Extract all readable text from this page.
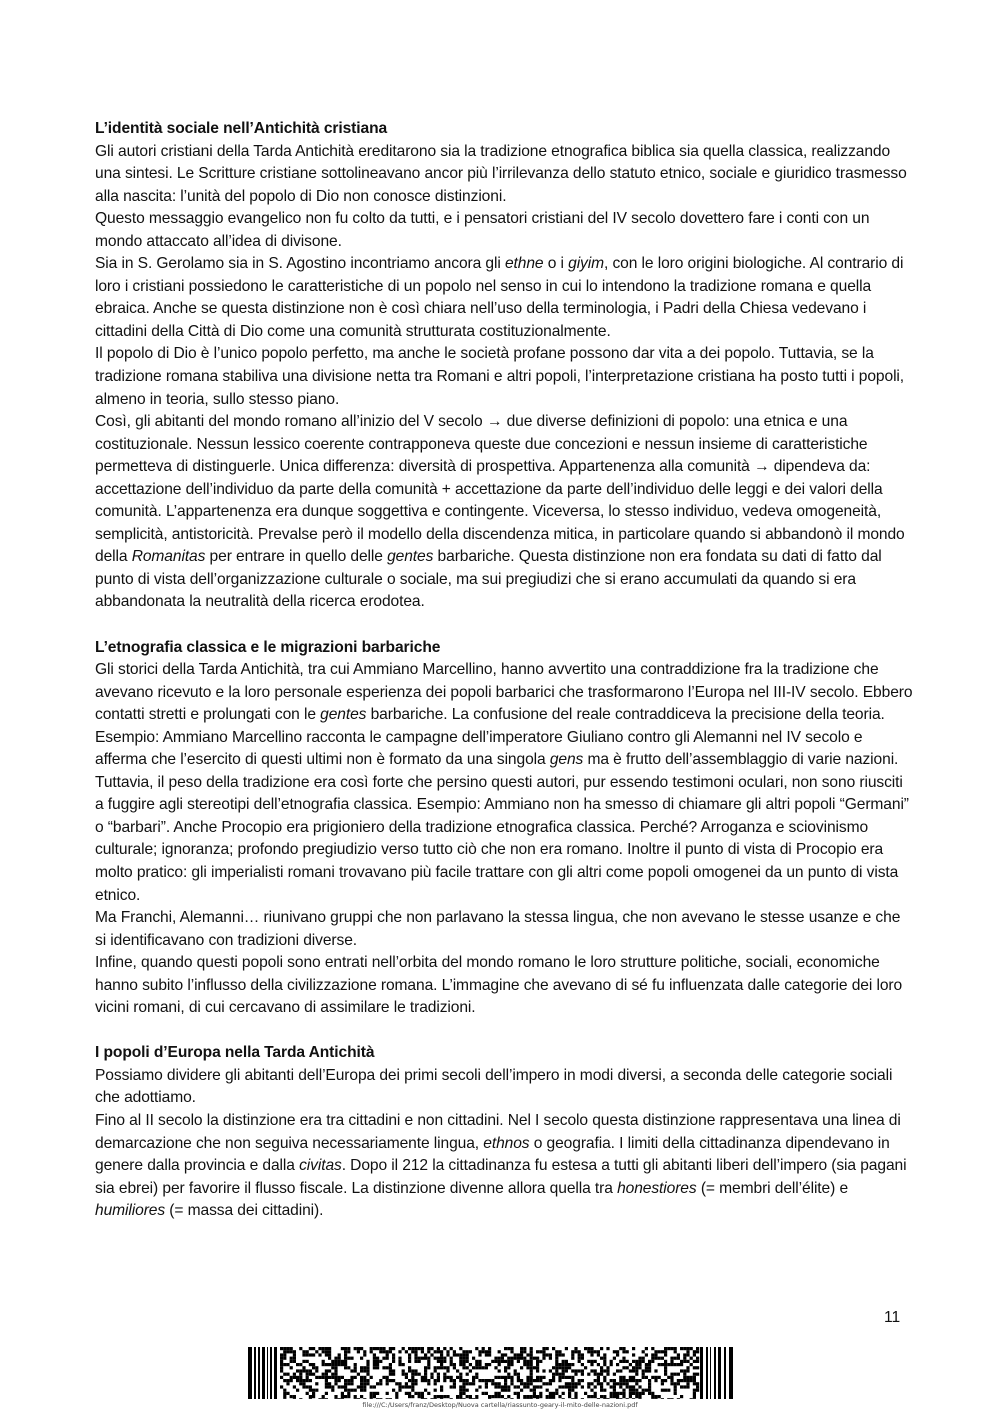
L’identità sociale nell’Antichità cristiana

Gli autori cristiani della Tarda Antichità ereditarono sia la tradizione etnografica biblica sia quella classica, realizzando una sintesi. Le Scritture cristiane sottolineavano ancor più l’irrilevanza dello statuto etnico, sociale e giuridico trasmesso alla nascita: l’unità del popolo di Dio non conosce distinzioni.

Questo messaggio evangelico non fu colto da tutti, e i pensatori cristiani del IV secolo dovettero fare i conti con un mondo attaccato all’idea di divisone.

Sia in S. Gerolamo sia in S. Agostino incontriamo ancora gli ethne o i giyim, con le loro origini biologiche. Al contrario di loro i cristiani possiedono le caratteristiche di un popolo nel senso in cui lo intendono la tradizione romana e quella ebraica. Anche se questa distinzione non è così chiara nell’uso della terminologia, i Padri della Chiesa vedevano i cittadini della Città di Dio come una comunità strutturata costituzionalmente.

Il popolo di Dio è l’unico popolo perfetto, ma anche le società profane possono dar vita a dei popolo. Tuttavia, se la tradizione romana stabiliva una divisione netta tra Romani e altri popoli, l’interpretazione cristiana ha posto tutti i popoli, almeno in teoria, sullo stesso piano.

Così, gli abitanti del mondo romano all’inizio del V secolo → due diverse definizioni di popolo: una etnica e una costituzionale. Nessun lessico coerente contrapponeva queste due concezioni e nessun insieme di caratteristiche permetteva di distinguerle. Unica differenza: diversità di prospettiva. Appartenenza alla comunità → dipendeva da: accettazione dell’individuo da parte della comunità + accettazione da parte dell’individuo delle leggi e dei valori della comunità. L’appartenenza era dunque soggettiva e contingente. Viceversa, lo stesso individuo, vedeva omogeneità, semplicità, antistoricità. Prevalse però il modello della discendenza mitica, in particolare quando si abbandonò il mondo della Romanitas per entrare in quello delle gentes barbariche. Questa distinzione non era fondata su dati di fatto dal punto di vista dell’organizzazione culturale o sociale, ma sui pregiudizi che si erano accumulati da quando si era abbandonata la neutralità della ricerca erodotea.

L’etnografia classica e le migrazioni barbariche

Gli storici della Tarda Antichità, tra cui Ammiano Marcellino, hanno avvertito una contraddizione fra la tradizione che avevano ricevuto e la loro personale esperienza dei popoli barbarici che trasformarono l’Europa nel III-IV secolo. Ebbero contatti stretti e prolungati con le gentes barbariche. La confusione del reale contraddiceva la precisione della teoria. Esempio: Ammiano Marcellino racconta le campagne dell’imperatore Giuliano contro gli Alemanni nel IV secolo e afferma che l’esercito di questi ultimi non è formato da una singola gens ma è frutto dell’assemblaggio di varie nazioni.

Tuttavia, il peso della tradizione era così forte che persino questi autori, pur essendo testimoni oculari, non sono riusciti a fuggire agli stereotipi dell’etnografia classica. Esempio: Ammiano non ha smesso di chiamare gli altri popoli “Germani” o “barbari”. Anche Procopio era prigioniero della tradizione etnografica classica. Perché? Arroganza e sciovinismo culturale; ignoranza; profondo pregiudizio verso tutto ciò che non era romano. Inoltre il punto di vista di Procopio era molto pratico: gli imperialisti romani trovavano più facile trattare con gli altri come popoli omogenei da un punto di vista etnico.

Ma Franchi, Alemanni… riunivano gruppi che non parlavano la stessa lingua, che non avevano le stesse usanze e che si identificavano con tradizioni diverse.

Infine, quando questi popoli sono entrati nell’orbita del mondo romano le loro strutture politiche, sociali, economiche hanno subito l’influsso della civilizzazione romana. L’immagine che avevano di sé fu influenzata dalle categorie dei loro vicini romani, di cui cercavano di assimilare le tradizioni.

I popoli d’Europa nella Tarda Antichità

Possiamo dividere gli abitanti dell’Europa dei primi secoli dell’impero in modi diversi, a seconda delle categorie sociali che adottiamo.

Fino al II secolo la distinzione era tra cittadini e non cittadini. Nel I secolo questa distinzione rappresentava una linea di demarcazione che non seguiva necessariamente lingua, ethnos o geografia. I limiti della cittadinanza dipendevano in genere dalla provincia e dalla civitas. Dopo il 212 la cittadinanza fu estesa a tutti gli abitanti liberi dell’impero (sia pagani sia ebrei) per favorire il flusso fiscale. La distinzione divenne allora quella tra honestiores (= membri dell’élite) e humiliores (= massa dei cittadini).

11
file:///C:/Users/franz/Desktop/Nuova cartella/riassunto-geary-il-mito-delle-nazioni.pdf
